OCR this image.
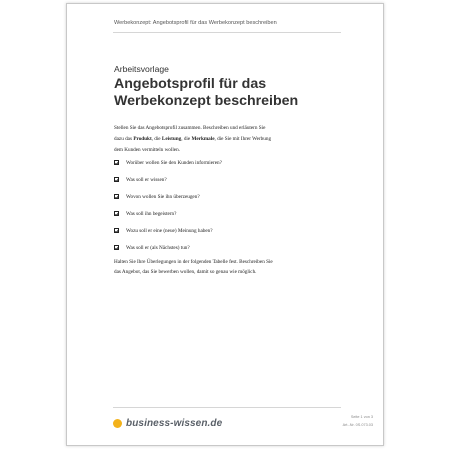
Werbekonzept: Angebotsprofil für das Werbekonzept beschreiben
Arbeitsvorlage
Angebotsprofil für das
Werbekonzept beschreiben
Stellen Sie das Angebotsprofil zusammen. Beschreiben und erläutern Sie
dazu das Produkt, die Leistung, die Merkmale, die Sie mit Ihrer Werbung
dem Kunden vermitteln wollen.
Worüber wollen Sie den Kunden informieren?
Was soll er wissen?
Wovon wollen Sie ihn überzeugen?
Was soll ihn begeistern?
Wozu soll er eine (neue) Meinung haben?
Was soll er (als Nächstes) tun?
Halten Sie Ihre Überlegungen in der folgenden Tabelle fest. Beschreiben Sie
das Angebot, das Sie bewerben wollen, damit so genau wie möglich.
business-wissen.de
Seite 1 von 3
Art.-Nr. 0S.073.03
